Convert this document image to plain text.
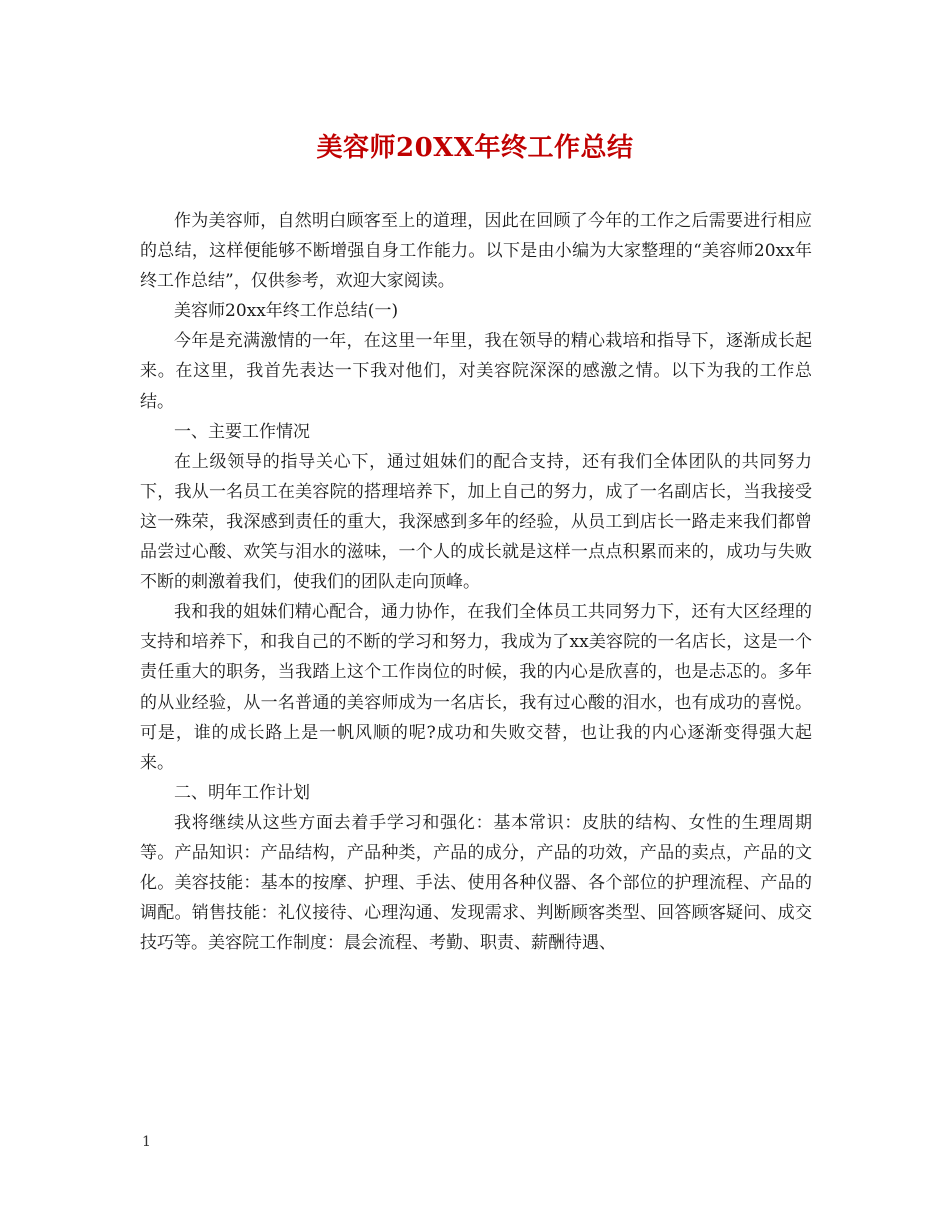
美容师20XX年终工作总结

作为美容师，自然明白顾客至上的道理，因此在回顾了今年的工作之后需要进行相应的总结，这样便能够不断增强自身工作能力。以下是由小编为大家整理的“美容师20xx年终工作总结”，仅供参考，欢迎大家阅读。

美容师20xx年终工作总结(一)

今年是充满激情的一年，在这里一年里，我在领导的精心栽培和指导下，逐渐成长起来。在这里，我首先表达一下我对他们，对美容院深深的感激之情。以下为我的工作总结。

一、主要工作情况

在上级领导的指导关心下，通过姐妹们的配合支持，还有我们全体团队的共同努力下，我从一名员工在美容院的搭理培养下，加上自己的努力，成了一名副店长，当我接受这一殊荣，我深感到责任的重大，我深感到多年的经验，从员工到店长一路走来我们都曾品尝过心酸、欢笑与泪水的滋味，一个人的成长就是这样一点点积累而来的，成功与失败不断的刺激着我们，使我们的团队走向顶峰。

我和我的姐妹们精心配合，通力协作，在我们全体员工共同努力下，还有大区经理的支持和培养下，和我自己的不断的学习和努力，我成为了xx美容院的一名店长，这是一个责任重大的职务，当我踏上这个工作岗位的时候，我的内心是欣喜的，也是忐忑的。多年的从业经验，从一名普通的美容师成为一名店长，我有过心酸的泪水，也有成功的喜悦。可是，谁的成长路上是一帆风顺的呢?成功和失败交替，也让我的内心逐渐变得强大起来。

二、明年工作计划

我将继续从这些方面去着手学习和强化：基本常识：皮肤的结构、女性的生理周期等。产品知识：产品结构，产品种类，产品的成分，产品的功效，产品的卖点，产品的文化。美容技能：基本的按摩、护理、手法、使用各种仪器、各个部位的护理流程、产品的调配。销售技能：礼仪接待、心理沟通、发现需求、判断顾客类型、回答顾客疑问、成交技巧等。美容院工作制度：晨会流程、考勤、职责、薪酬待遇、

1
